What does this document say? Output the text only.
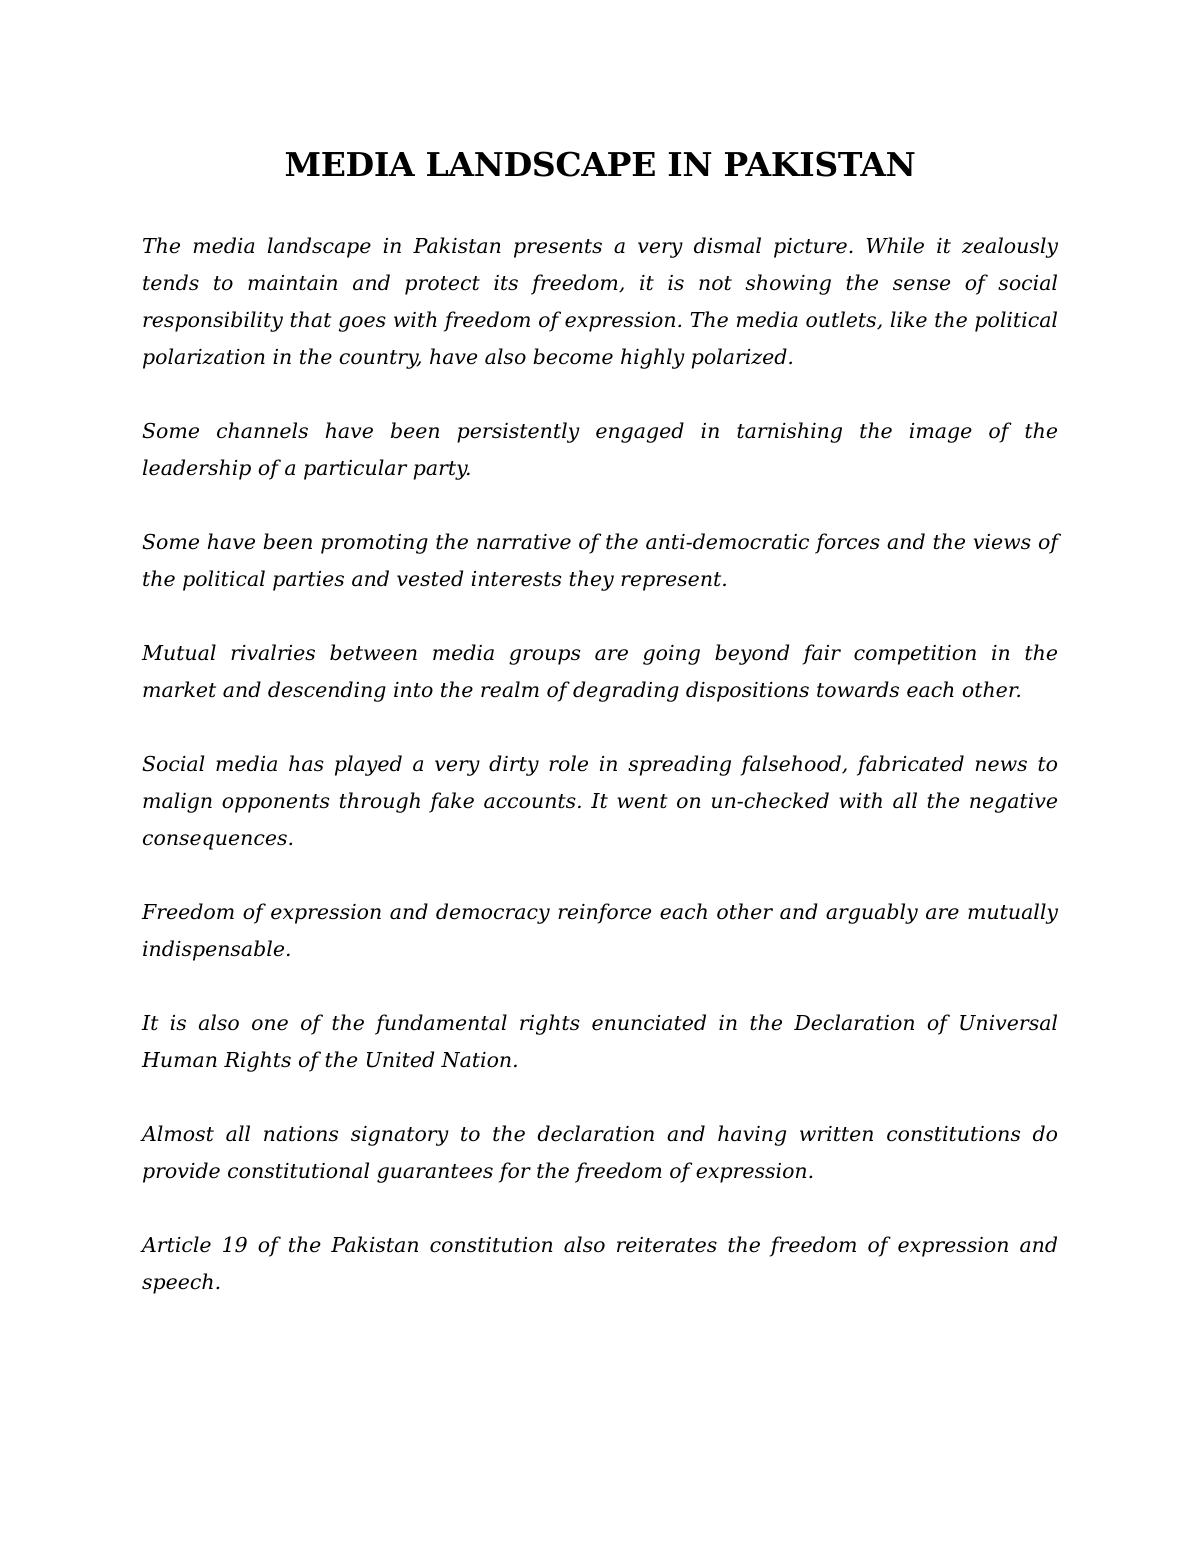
MEDIA LANDSCAPE IN PAKISTAN

The media landscape in Pakistan presents a very dismal picture. While it zealously tends to maintain and protect its freedom, it is not showing the sense of social responsibility that goes with freedom of expression. The media outlets, like the political polarization in the country, have also become highly polarized.

Some channels have been persistently engaged in tarnishing the image of the leadership of a particular party.

Some have been promoting the narrative of the anti-democratic forces and the views of the political parties and vested interests they represent.

Mutual rivalries between media groups are going beyond fair competition in the market and descending into the realm of degrading dispositions towards each other.

Social media has played a very dirty role in spreading falsehood, fabricated news to malign opponents through fake accounts. It went on un-checked with all the negative consequences.

Freedom of expression and democracy reinforce each other and arguably are mutually indispensable.

It is also one of the fundamental rights enunciated in the Declaration of Universal Human Rights of the United Nation.

Almost all nations signatory to the declaration and having written constitutions do provide constitutional guarantees for the freedom of expression.

Article 19 of the Pakistan constitution also reiterates the freedom of expression and speech.
